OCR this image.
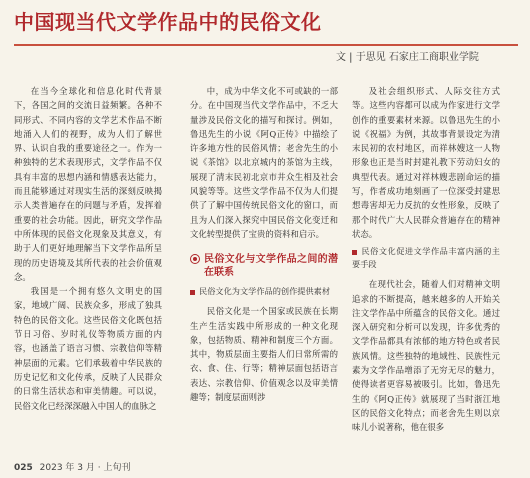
中国现当代文学作品中的民俗文化
文 | 于思见 石家庄工商职业学院

在当今全球化和信息化时代背景下，各国之间的交流日益频繁。各种不同形式、不同内容的文学艺术作品不断地涌入人们的视野，成为人们了解世界、认识自我的重要途径之一。作为一种独特的艺术表现形式，文学作品不仅具有丰富的思想内涵和情感表达能力，而且能够通过对现实生活的深刻反映揭示人类普遍存在的问题与矛盾，发挥着重要的社会功能。因此，研究文学作品中所体现的民俗文化现象及其意义，有助于人们更好地理解当下文学作品所呈现的历史语境及其所代表的社会价值观念。

我国是一个拥有悠久文明史的国家，地域广阔、民族众多，形成了独具特色的民俗文化。这些民俗文化既包括节日习俗、岁时礼仪等物质方面的内容，也涵盖了语言习惯、宗教信仰等精神层面的元素。它们承载着中华民族的历史记忆和文化传承，反映了人民群众的日常生活状态和审美情趣。可以说，民俗文化已经深深融入中国人的血脉之

中，成为中华文化不可或缺的一部分。在中国现当代文学作品中，不乏大量涉及民俗文化的描写和探讨。例如，鲁迅先生的小说《阿Q正传》中描绘了许多地方性的民俗风情；老舍先生的小说《茶馆》以北京城内的茶馆为主线，展现了清末民初北京市井众生相及社会风貌等等。这些文学作品不仅为人们提供了了解中国传统民俗文化的窗口，而且为人们深入探究中国民俗文化变迁和文化转型提供了宝贵的资料和启示。

民俗文化与文学作品之间的潜在联系
民俗文化为文学作品的创作提供素材

民俗文化是一个国家或民族在长期生产生活实践中所形成的一种文化现象，包括物质、精神和制度三个方面。其中，物质层面主要指人们日常所需的衣、食、住、行等；精神层面包括语言表达、宗教信仰、价值观念以及审美情趣等；制度层面则涉

及社会组织形式、人际交往方式等。这些内容都可以成为作家进行文学创作的重要素材来源。以鲁迅先生的小说《祝福》为例，其故事背景设定为清末民初的农村地区，而祥林嫂这一人物形象也正是当时封建礼教下劳动妇女的典型代表。通过对祥林嫂悲剧命运的描写，作者成功地刻画了一位深受封建思想毒害却无力反抗的女性形象，反映了那个时代广大人民群众普遍存在的精神状态。

民俗文化促进文学作品丰富内涵的主要手段

在现代社会，随着人们对精神文明追求的不断提高，越来越多的人开始关注文学作品中所蕴含的民俗文化。通过深入研究和分析可以发现，许多优秀的文学作品都具有浓郁的地方特色或者民族风情。这些独特的地域性、民族性元素为文学作品增添了无穷无尽的魅力，使得读者更容易被吸引。比如，鲁迅先生的《阿Q正传》就展现了当时浙江地区的民俗文化特点；而老舍先生则以京味儿小说著称，他在很多

025 2023 年 3 月 · 上旬刊
